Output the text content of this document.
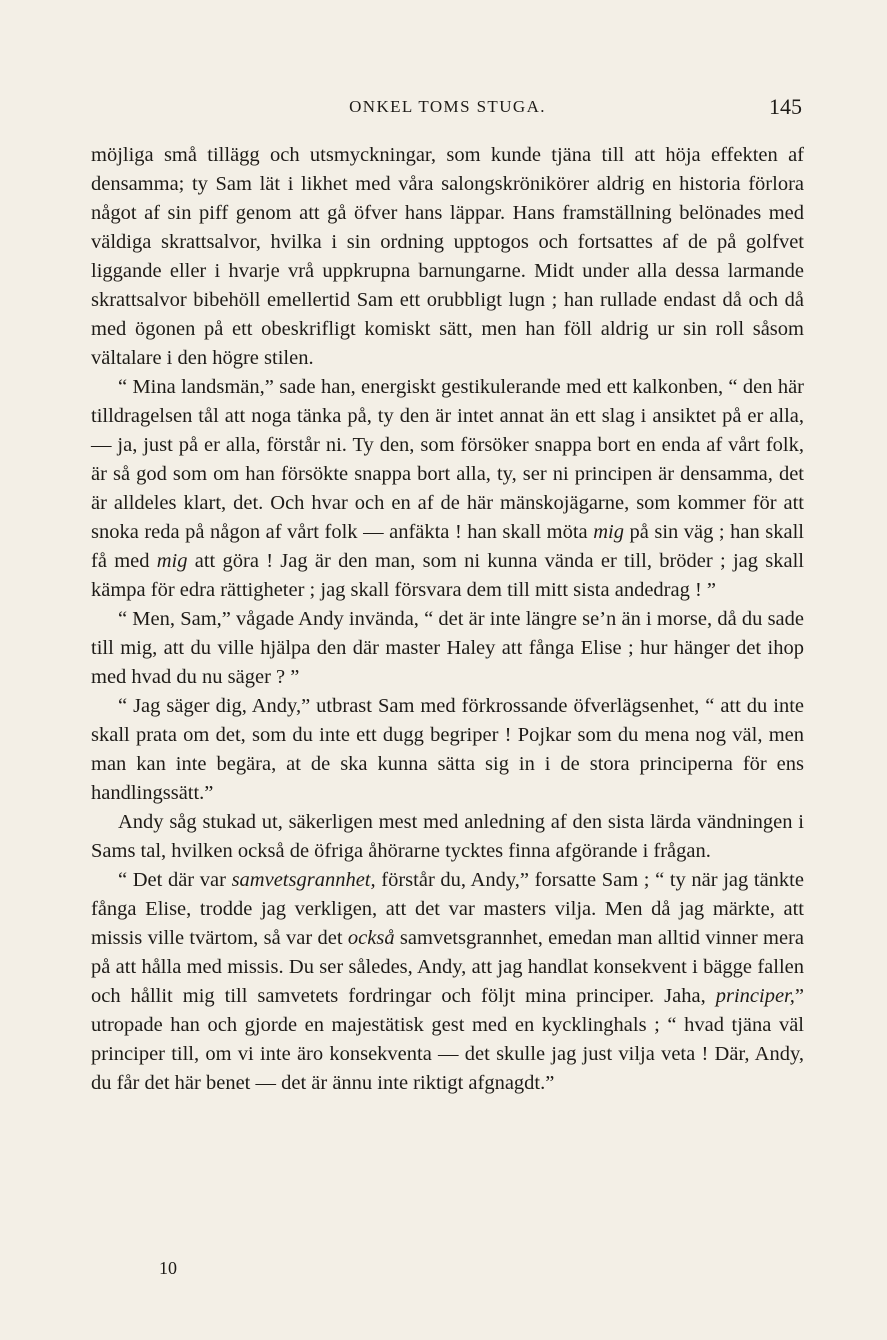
ONKEL TOMS STUGA.	145

möjliga små tillägg och utsmyckningar, som kunde tjäna till att höja effekten af densamma; ty Sam lät i likhet med våra salongskrönikörer aldrig en historia förlora något af sin piff genom att gå öfver hans läppar. Hans framställning belönades med väldiga skrattsalvor, hvilka i sin ordning upptogos och fortsattes af de på golfvet liggande eller i hvarje vrå uppkrupna barnungarne. Midt under alla dessa larmande skrattsalvor bibehöll emellertid Sam ett orubbligt lugn ; han rullade endast då och då med ögonen på ett obeskrifligt komiskt sätt, men han föll aldrig ur sin roll såsom vältalare i den högre stilen.

“ Mina landsmän,” sade han, energiskt gestikulerande med ett kalkonben, “ den här tilldragelsen tål att noga tänka på, ty den är intet annat än ett slag i ansiktet på er alla, — ja, just på er alla, förstår ni. Ty den, som försöker snappa bort en enda af vårt folk, är så god som om han försökte snappa bort alla, ty, ser ni principen är densamma, det är alldeles klart, det. Och hvar och en af de här mänskojägarne, som kommer för att snoka reda på någon af vårt folk — anfäkta ! han skall möta mig på sin väg ; han skall få med mig att göra ! Jag är den man, som ni kunna vända er till, bröder ; jag skall kämpa för edra rättigheter ; jag skall försvara dem till mitt sista andedrag ! ”

“ Men, Sam,” vågade Andy invända, “ det är inte längre se’n än i morse, då du sade till mig, att du ville hjälpa den där master Haley att fånga Elise ; hur hänger det ihop med hvad du nu säger ? ”

“ Jag säger dig, Andy,” utbrast Sam med förkrossande öfverlägsenhet, “ att du inte skall prata om det, som du inte ett dugg begriper ! Pojkar som du mena nog väl, men man kan inte begära, at de ska kunna sätta sig in i de stora principerna för ens handlingssätt.”

Andy såg stukad ut, säkerligen mest med anledning af den sista lärda vändningen i Sams tal, hvilken också de öfriga åhörarne tycktes finna afgörande i frågan.

“ Det där var samvetsgrannhet, förstår du, Andy,” forsatte Sam ; “ ty när jag tänkte fånga Elise, trodde jag verkligen, att det var masters vilja. Men då jag märkte, att missis ville tvärtom, så var det också samvetsgrannhet, emedan man alltid vinner mera på att hålla med missis. Du ser således, Andy, att jag handlat konsekvent i bägge fallen och hållit mig till samvetets fordringar och följt mina principer. Jaha, principer,” utropade han och gjorde en majestätisk gest med en kycklinghals ; “ hvad tjäna väl principer till, om vi inte äro konsekventa — det skulle jag just vilja veta ! Där, Andy, du får det här benet — det är ännu inte riktigt afgnagdt.”

10
